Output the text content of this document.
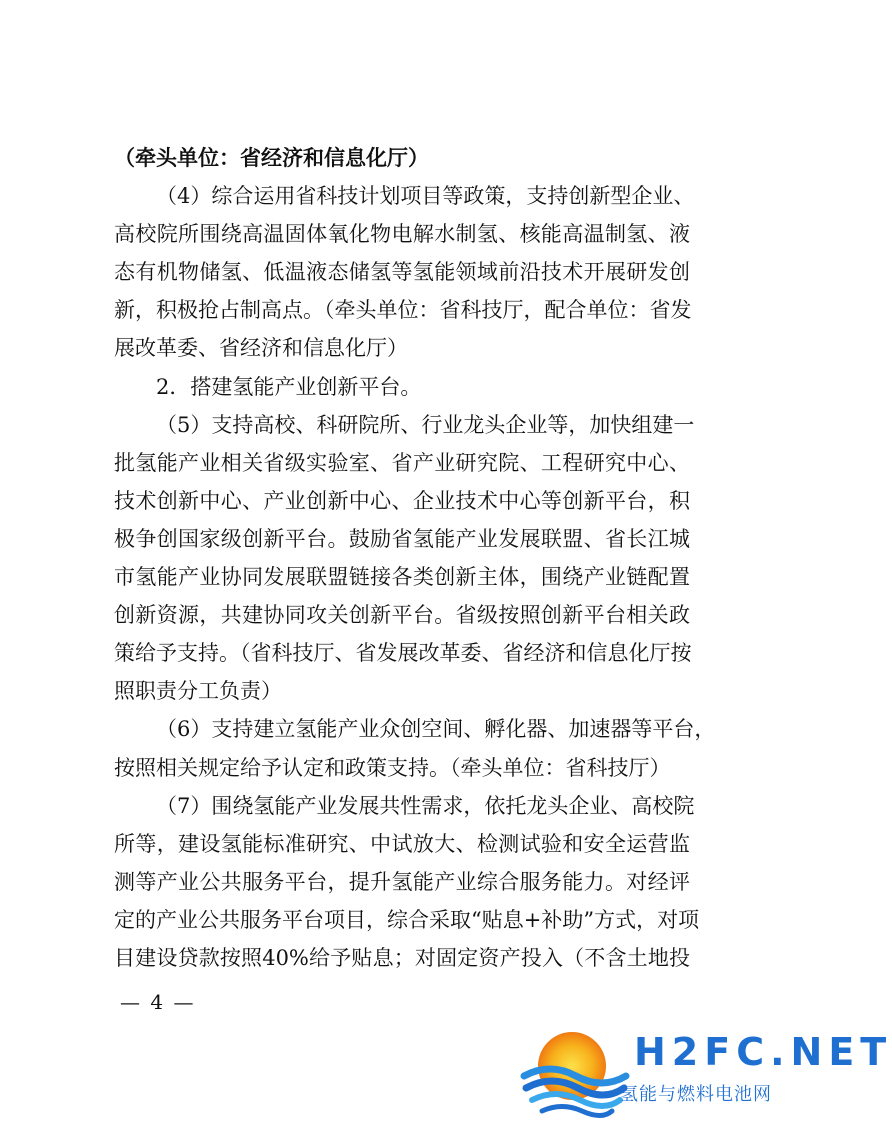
（牵头单位：省经济和信息化厅）
（4）综合运用省科技计划项目等政策，支持创新型企业、
高校院所围绕高温固体氧化物电解水制氢、核能高温制氢、液
态有机物储氢、低温液态储氢等氢能领域前沿技术开展研发创
新，积极抢占制高点。（牵头单位：省科技厅，配合单位：省发
展改革委、省经济和信息化厅）
2．搭建氢能产业创新平台。
（5）支持高校、科研院所、行业龙头企业等，加快组建一
批氢能产业相关省级实验室、省产业研究院、工程研究中心、
技术创新中心、产业创新中心、企业技术中心等创新平台，积
极争创国家级创新平台。鼓励省氢能产业发展联盟、省长江城
市氢能产业协同发展联盟链接各类创新主体，围绕产业链配置
创新资源，共建协同攻关创新平台。省级按照创新平台相关政
策给予支持。（省科技厅、省发展改革委、省经济和信息化厅按
照职责分工负责）
（6）支持建立氢能产业众创空间、孵化器、加速器等平台，
按照相关规定给予认定和政策支持。（牵头单位：省科技厅）
（7）围绕氢能产业发展共性需求，依托龙头企业、高校院
所等，建设氢能标准研究、中试放大、检测试验和安全运营监
测等产业公共服务平台，提升氢能产业综合服务能力。对经评
定的产业公共服务平台项目，综合采取“贴息+补助”方式，对项
目建设贷款按照40%给予贴息；对固定资产投入（不含土地投
— 4 —
H2FC.NET
氢能与燃料电池网
